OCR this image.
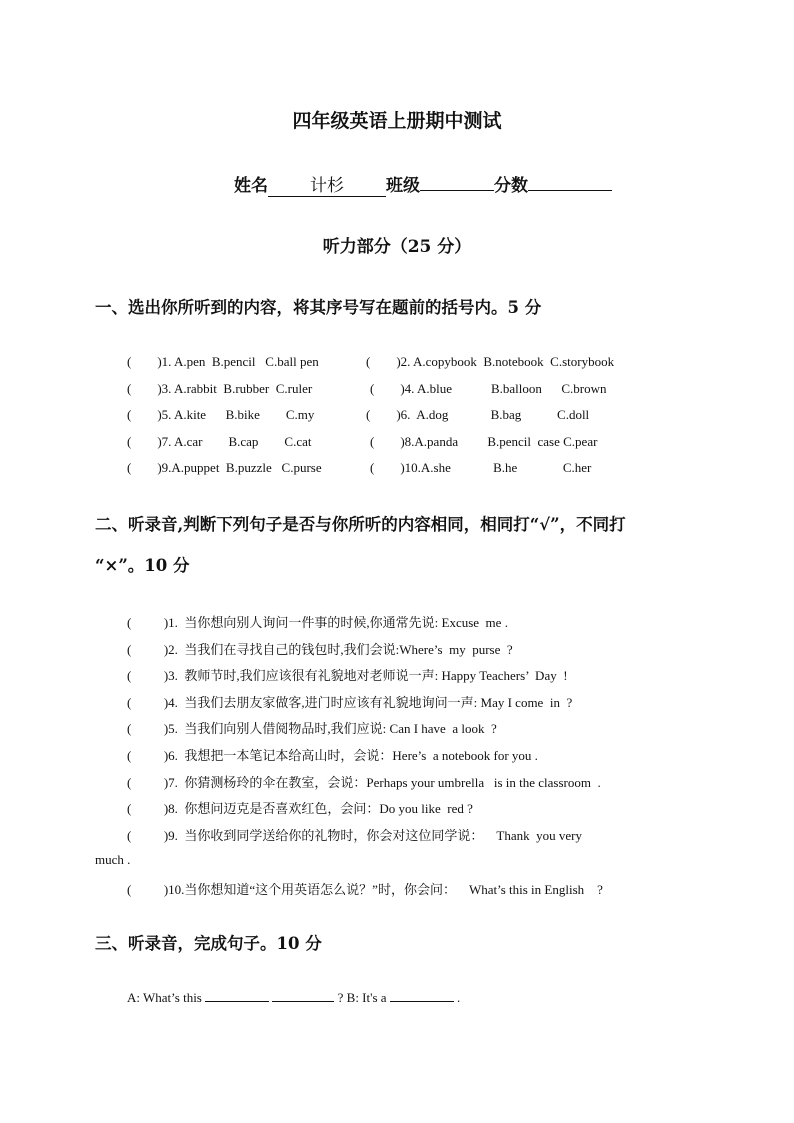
四年级英语上册期中测试
姓名 计杉 班级	分数
听力部分（25 分）
一、选出你所听到的内容，将其序号写在题前的括号内。5 分
(        )1. A.pen  B.pencil   C.ball pen	(        )2. A.copybook  B.notebook  C.storybook
(        )3. A.rabbit  B.rubber  C.ruler	(        )4. A.blue            B.balloon      C.brown
(        )5. A.kite      B.bike        C.my	(        )6.  A.dog             B.bag           C.doll
(        )7. A.car        B.cap        C.cat	(        )8.A.panda         B.pencil  case C.pear
(        )9.A.puppet  B.puzzle   C.purse	(        )10.A.she             B.he              C.her
二、听录音,判断下列句子是否与你所听的内容相同，相同打“√”，不同打
“×”。10 分
(          )1.  当你想向别人询问一件事的时候,你通常先说: Excuse  me .
(          )2.  当我们在寻找自己的钱包时,我们会说:Where’s  my  purse  ?
(          )3.  教师节时,我们应该很有礼貌地对老师说一声: Happy Teachers’  Day  !
(          )4.  当我们去朋友家做客,进门时应该有礼貌地询问一声: May I come  in  ?
(          )5.  当我们向别人借阅物品时,我们应说: Can I have  a look  ?
(          )6.  我想把一本笔记本给高山时，会说：Here’s  a notebook for you .
(          )7.  你猜测杨玲的伞在教室，会说：Perhaps your umbrella   is in the classroom  .
(          )8.  你想问迈克是否喜欢红色，会问：Do you like  red ?
(          )9.  当你收到同学送给你的礼物时，你会对这位同学说：    Thank  you very
much .
(          )10.当你想知道“这个用英语怎么说？”时，你会问：    What’s this in English    ?
三、听录音，完成句子。10 分
A: What’s this	? B: It's a	.
